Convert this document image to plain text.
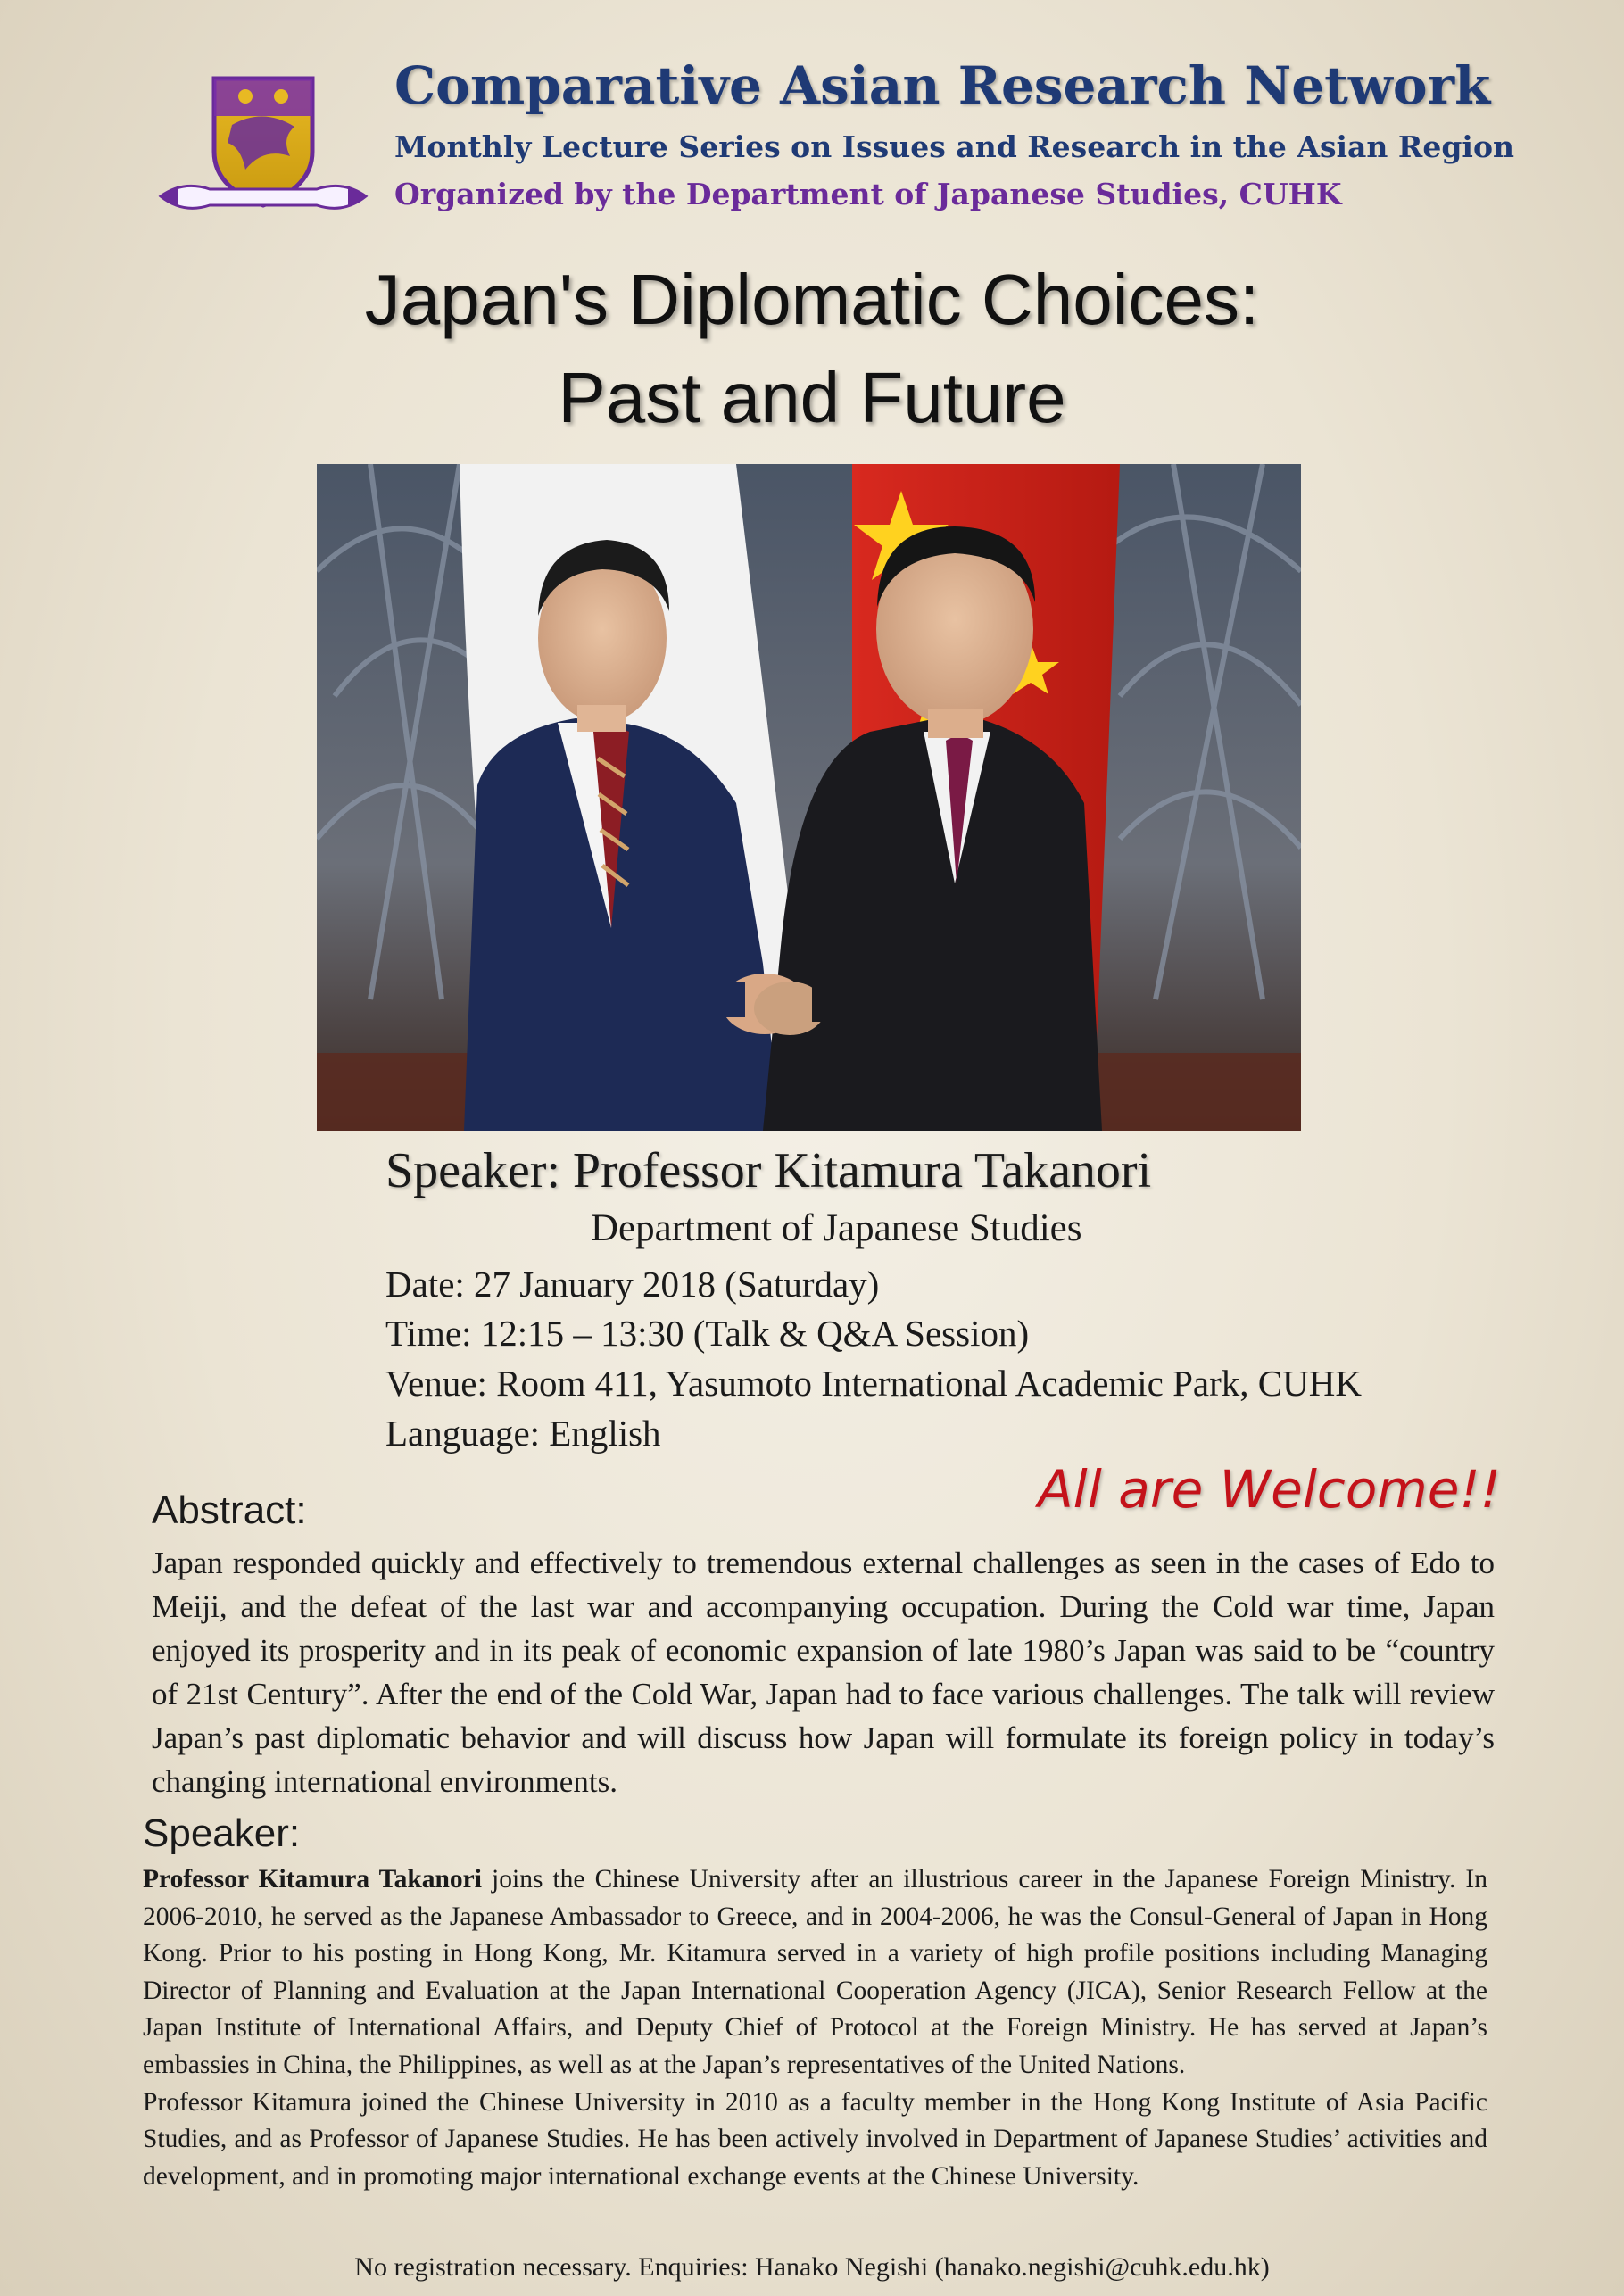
Comparative Asian Research Network
Monthly Lecture Series on Issues and Research in the Asian Region
Organized by the Department of Japanese Studies, CUHK
Japan's Diplomatic Choices:
Past and Future
Speaker: Professor Kitamura Takanori
Department of Japanese Studies
Date: 27 January 2018 (Saturday)
Time: 12:15 – 13:30 (Talk & Q&A Session)
Venue: Room 411, Yasumoto International Academic Park, CUHK
Language: English
All are Welcome!!
Abstract:
Japan responded quickly and effectively to tremendous external challenges as seen in the cases of Edo to Meiji, and the defeat of the last war and accompanying occupation. During the Cold war time, Japan enjoyed its prosperity and in its peak of economic expansion of late 1980’s Japan was said to be “country of 21st Century”. After the end of the Cold War, Japan had to face various challenges. The talk will review Japan’s past diplomatic behavior and will discuss how Japan will formulate its foreign policy in today’s changing international environments.
Speaker:

Professor Kitamura Takanori joins the Chinese University after an illustrious career in the Japanese Foreign Ministry. In 2006-2010, he served as the Japanese Ambassador to Greece, and in 2004-2006, he was the Consul-General of Japan in Hong Kong. Prior to his posting in Hong Kong, Mr. Kitamura served in a variety of high profile positions including Managing Director of Planning and Evaluation at the Japan International Cooperation Agency (JICA), Senior Research Fellow at the Japan Institute of International Affairs, and Deputy Chief of Protocol at the Foreign Ministry. He has served at Japan’s embassies in China, the Philippines, as well as at the Japan’s representatives of the United Nations.

Professor Kitamura joined the Chinese University in 2010 as a faculty member in the Hong Kong Institute of Asia Pacific Studies, and as Professor of Japanese Studies. He has been actively involved in Department of Japanese Studies’ activities and development, and in promoting major international exchange events at the Chinese University.

No registration necessary. Enquiries: Hanako Negishi (hanako.negishi@cuhk.edu.hk)
